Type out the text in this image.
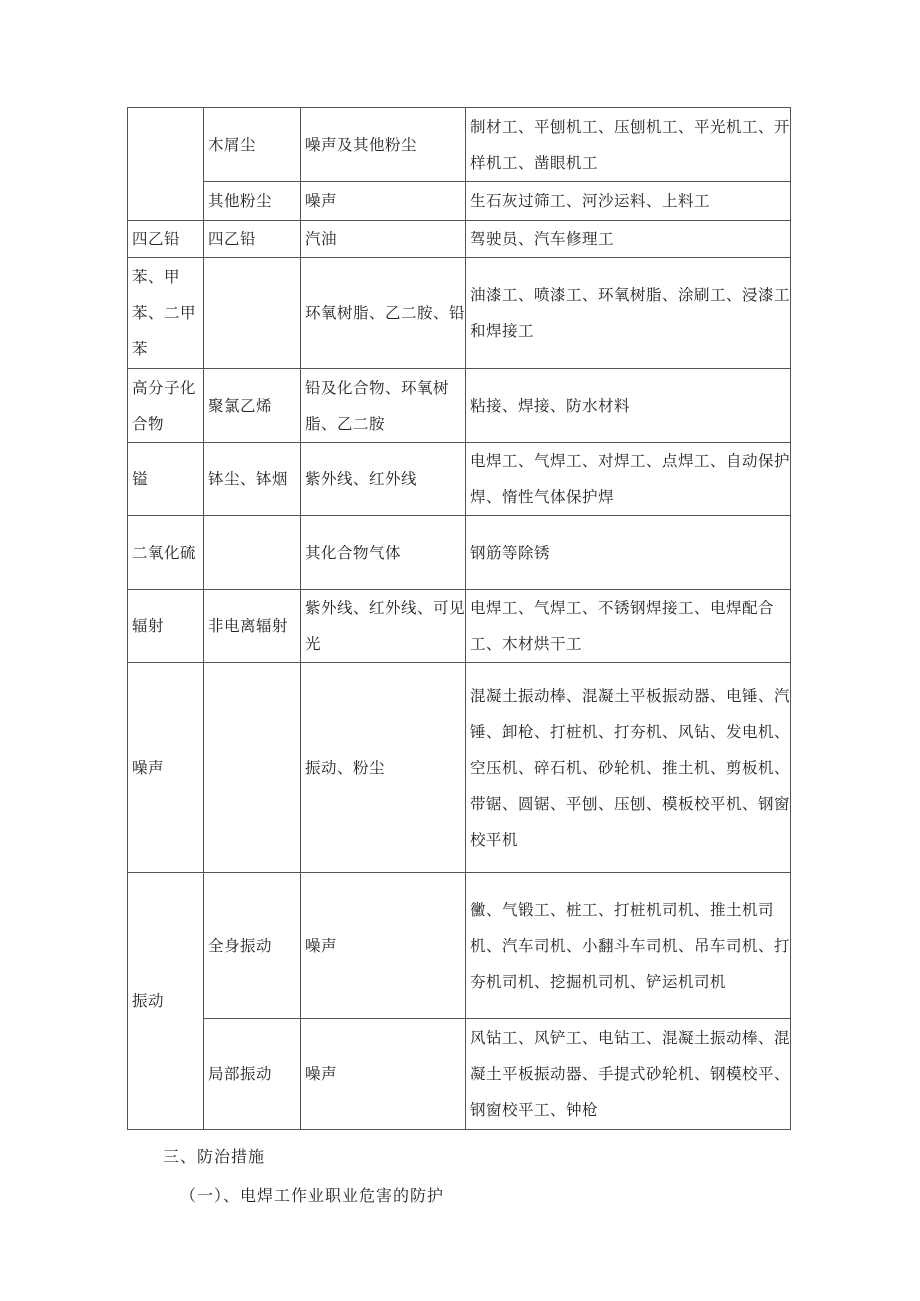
	木屑尘	噪声及其他粉尘	制材工、平刨机工、压刨机工、平光机工、开样机工、凿眼机工
	其他粉尘	噪声	生石灰过筛工、河沙运料、上料工
四乙铅	四乙铅	汽油	驾驶员、汽车修理工
苯、甲苯、二甲苯		环氧树脂、乙二胺、铅	油漆工、喷漆工、环氧树脂、涂刷工、浸漆工和焊接工
高分子化合物	聚氯乙烯	铅及化合物、环氧树脂、乙二胺	粘接、焊接、防水材料
镒	钵尘、钵烟	紫外线、红外线	电焊工、气焊工、对焊工、点焊工、自动保护焊、惰性气体保护焊
二氧化硫		其化合物气体	钢筋等除锈
辐射	非电离辐射	紫外线、红外线、可见光	电焊工、气焊工、不锈钢焊接工、电焊配合工、木材烘干工
噪声		振动、粉尘	混凝土振动棒、混凝土平板振动器、电锤、汽锤、卸枪、打桩机、打夯机、风钻、发电机、空压机、碎石机、砂轮机、推土机、剪板机、带锯、圆锯、平刨、压刨、模板校平机、钢窗校平机
振动	全身振动	噪声	黴、气锻工、桩工、打桩机司机、推土机司机、汽车司机、小翻斗车司机、吊车司机、打夯机司机、挖掘机司机、铲运机司机
	局部振动	噪声	风钻工、风铲工、电钻工、混凝土振动棒、混凝土平板振动器、手提式砂轮机、钢模校平、钢窗校平工、钟枪
三、防治措施
（一）、电焊工作业职业危害的防护
